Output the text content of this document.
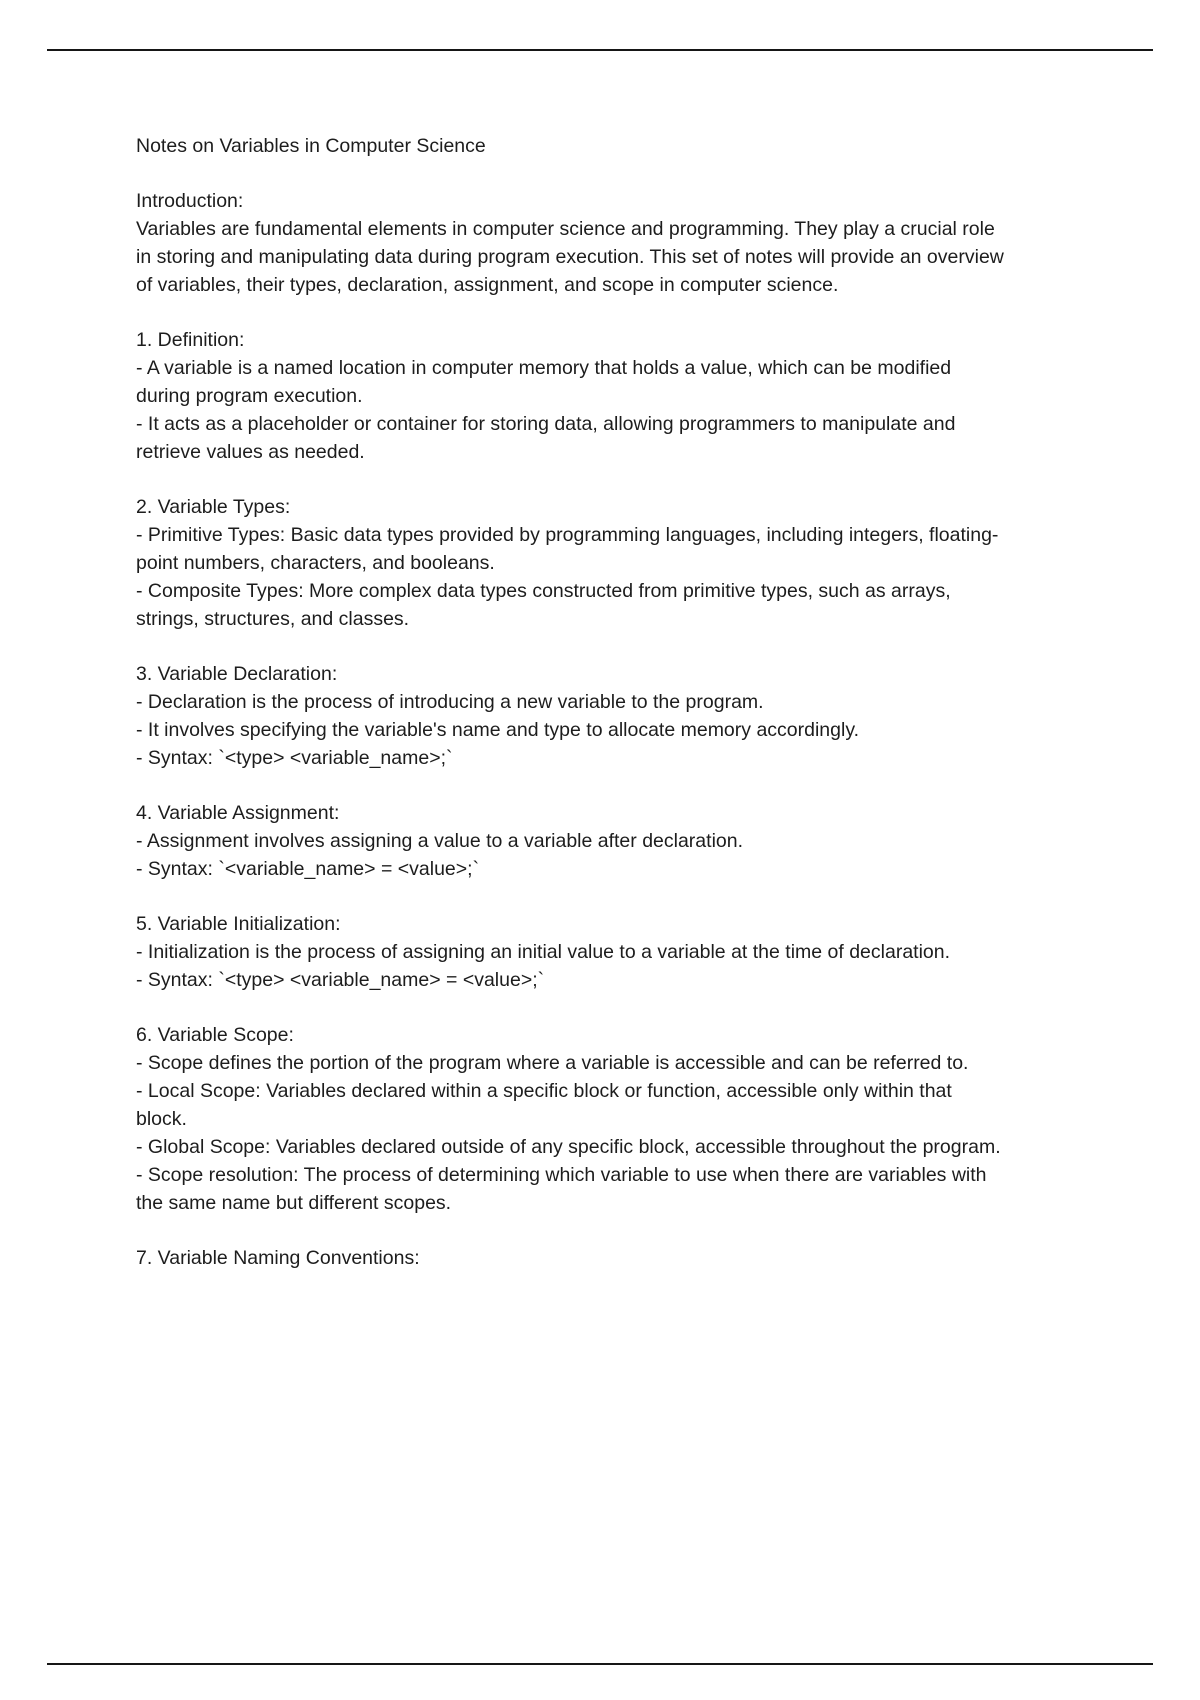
Notes on Variables in Computer Science

Introduction:

Variables are fundamental elements in computer science and programming. They play a crucial role in storing and manipulating data during program execution. This set of notes will provide an overview of variables, their types, declaration, assignment, and scope in computer science.

1. Definition:

- A variable is a named location in computer memory that holds a value, which can be modified during program execution.

- It acts as a placeholder or container for storing data, allowing programmers to manipulate and retrieve values as needed.

2. Variable Types:

- Primitive Types: Basic data types provided by programming languages, including integers, floating-point numbers, characters, and booleans.

- Composite Types: More complex data types constructed from primitive types, such as arrays, strings, structures, and classes.

3. Variable Declaration:

- Declaration is the process of introducing a new variable to the program.

- It involves specifying the variable's name and type to allocate memory accordingly.

- Syntax: `<type> <variable_name>;`

4. Variable Assignment:

- Assignment involves assigning a value to a variable after declaration.

- Syntax: `<variable_name> = <value>;`

5. Variable Initialization:

- Initialization is the process of assigning an initial value to a variable at the time of declaration.

- Syntax: `<type> <variable_name> = <value>;`

6. Variable Scope:

- Scope defines the portion of the program where a variable is accessible and can be referred to.

- Local Scope: Variables declared within a specific block or function, accessible only within that block.

- Global Scope: Variables declared outside of any specific block, accessible throughout the program.

- Scope resolution: The process of determining which variable to use when there are variables with the same name but different scopes.

7. Variable Naming Conventions:
